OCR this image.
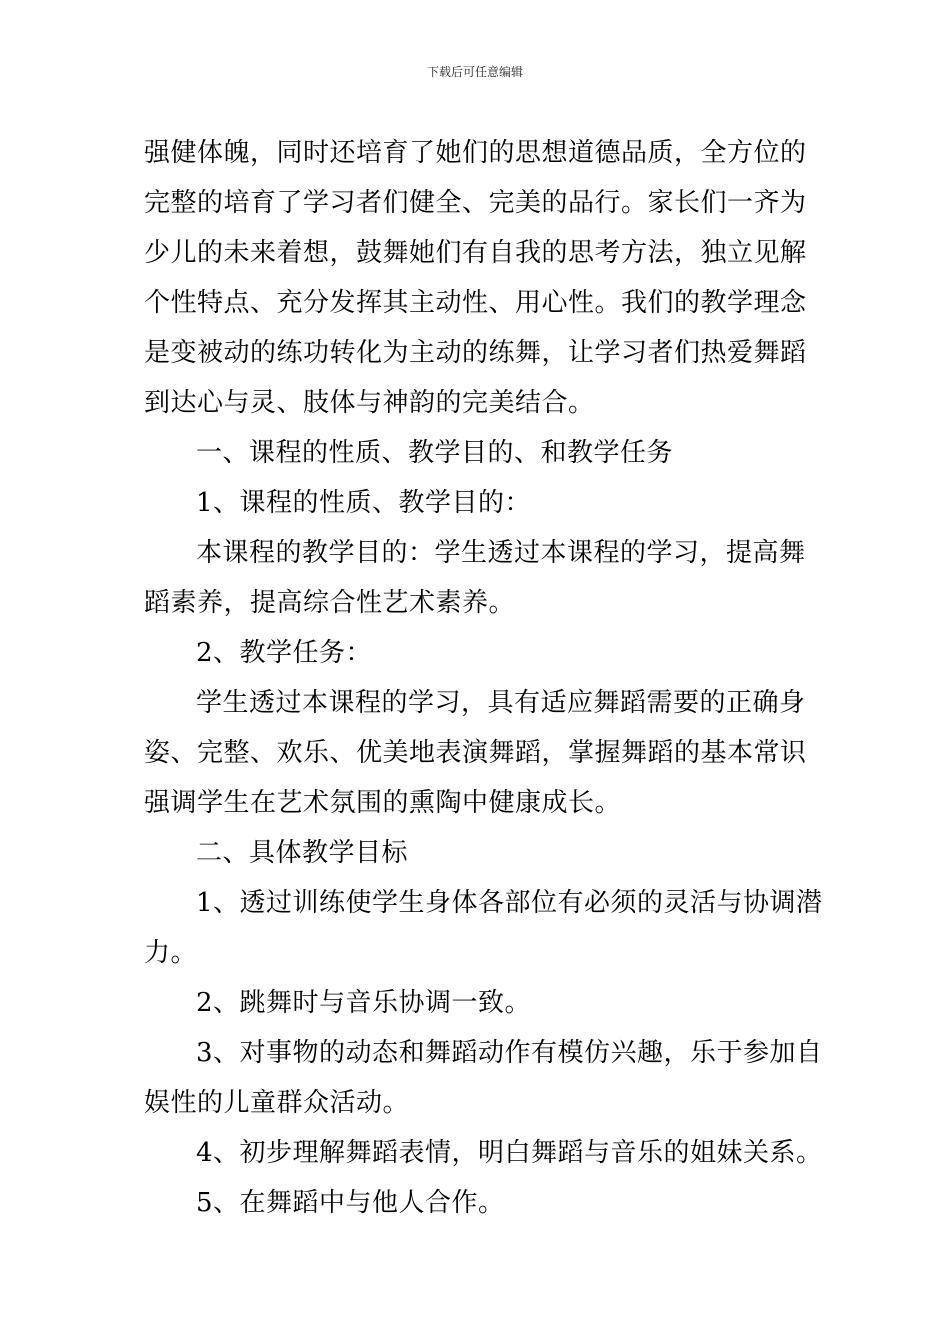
下载后可任意编辑
强健体魄，同时还培育了她们的思想道德品质，全方位的
完整的培育了学习者们健全、完美的品行。家长们一齐为
少儿的未来着想，鼓舞她们有自我的思考方法，独立见解
个性特点、充分发挥其主动性、用心性。我们的教学理念
是变被动的练功转化为主动的练舞，让学习者们热爱舞蹈
到达心与灵、肢体与神韵的完美结合。
一、课程的性质、教学目的、和教学任务
1、课程的性质、教学目的：
本课程的教学目的：学生透过本课程的学习，提高舞
蹈素养，提高综合性艺术素养。
2、教学任务：
学生透过本课程的学习，具有适应舞蹈需要的正确身
姿、完整、欢乐、优美地表演舞蹈，掌握舞蹈的基本常识
强调学生在艺术氛围的熏陶中健康成长。
二、具体教学目标
1、透过训练使学生身体各部位有必须的灵活与协调潜
力。
2、跳舞时与音乐协调一致。
3、对事物的动态和舞蹈动作有模仿兴趣，乐于参加自
娱性的儿童群众活动。
4、初步理解舞蹈表情，明白舞蹈与音乐的姐妹关系。
5、在舞蹈中与他人合作。
